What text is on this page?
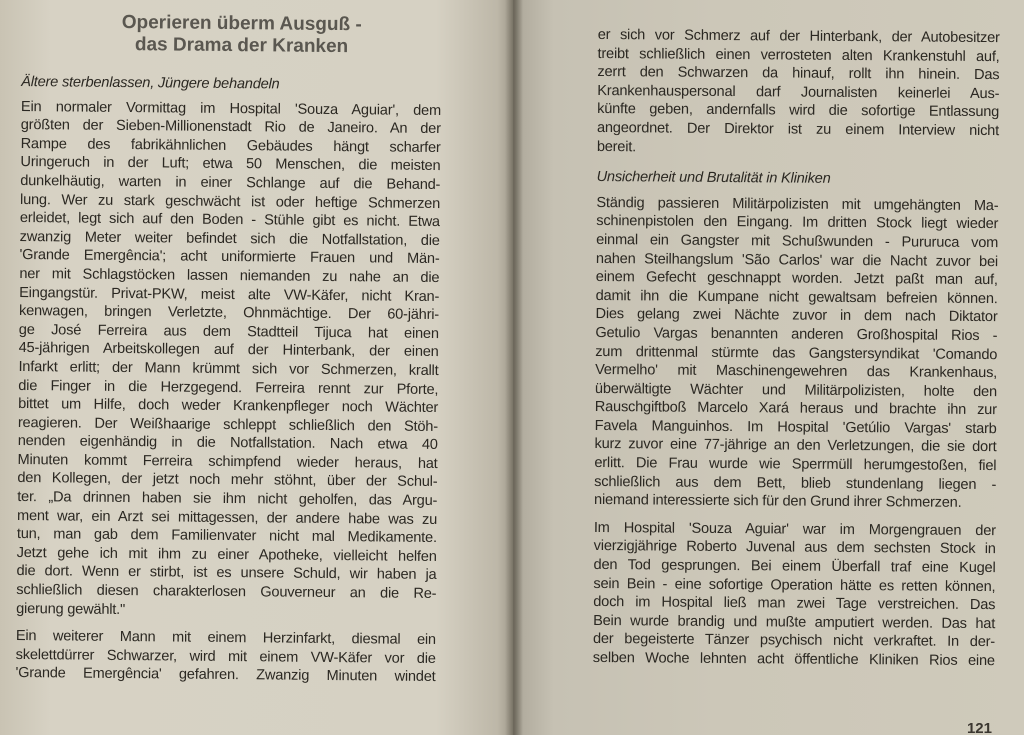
Operieren überm Ausguß -
das Drama der Kranken
Ältere sterbenlassen, Jüngere behandeln
Ein normaler Vormittag im Hospital 'Souza Aguiar', dem
größten der Sieben-Millionenstadt Rio de Janeiro. An der
Rampe des fabrikähnlichen Gebäudes hängt scharfer
Uringeruch in der Luft; etwa 50 Menschen, die meisten
dunkelhäutig, warten in einer Schlange auf die Behand-
lung. Wer zu stark geschwächt ist oder heftige Schmerzen
erleidet, legt sich auf den Boden - Stühle gibt es nicht. Etwa
zwanzig Meter weiter befindet sich die Notfallstation, die
'Grande Emergência'; acht uniformierte Frauen und Män-
ner mit Schlagstöcken lassen niemanden zu nahe an die
Eingangstür. Privat-PKW, meist alte VW-Käfer, nicht Kran-
kenwagen, bringen Verletzte, Ohnmächtige. Der 60-jähri-
ge José Ferreira aus dem Stadtteil Tijuca hat einen
45-jährigen Arbeitskollegen auf der Hinterbank, der einen
Infarkt erlitt; der Mann krümmt sich vor Schmerzen, krallt
die Finger in die Herzgegend. Ferreira rennt zur Pforte,
bittet um Hilfe, doch weder Krankenpfleger noch Wächter
reagieren. Der Weißhaarige schleppt schließlich den Stöh-
nenden eigenhändig in die Notfallstation. Nach etwa 40
Minuten kommt Ferreira schimpfend wieder heraus, hat
den Kollegen, der jetzt noch mehr stöhnt, über der Schul-
ter. „Da drinnen haben sie ihm nicht geholfen, das Argu-
ment war, ein Arzt sei mittagessen, der andere habe was zu
tun, man gab dem Familienvater nicht mal Medikamente.
Jetzt gehe ich mit ihm zu einer Apotheke, vielleicht helfen
die dort. Wenn er stirbt, ist es unsere Schuld, wir haben ja
schließlich diesen charakterlosen Gouverneur an die Re-
gierung gewählt."
Ein weiterer Mann mit einem Herzinfarkt, diesmal ein
skelettdürrer Schwarzer, wird mit einem VW-Käfer vor die
'Grande Emergência' gefahren. Zwanzig Minuten windet
er sich vor Schmerz auf der Hinterbank, der Autobesitzer
treibt schließlich einen verrosteten alten Krankenstuhl auf,
zerrt den Schwarzen da hinauf, rollt ihn hinein. Das
Krankenhauspersonal darf Journalisten keinerlei Aus-
künfte geben, andernfalls wird die sofortige Entlassung
angeordnet. Der Direktor ist zu einem Interview nicht
bereit.
Unsicherheit und Brutalität in Kliniken
Ständig passieren Militärpolizisten mit umgehängten Ma-
schinenpistolen den Eingang. Im dritten Stock liegt wieder
einmal ein Gangster mit Schußwunden - Pururuca vom
nahen Steilhangslum 'São Carlos' war die Nacht zuvor bei
einem Gefecht geschnappt worden. Jetzt paßt man auf,
damit ihn die Kumpane nicht gewaltsam befreien können.
Dies gelang zwei Nächte zuvor in dem nach Diktator
Getulio Vargas benannten anderen Großhospital Rios -
zum drittenmal stürmte das Gangstersyndikat 'Comando
Vermelho' mit Maschinengewehren das Krankenhaus,
überwältigte Wächter und Militärpolizisten, holte den
Rauschgiftboß Marcelo Xará heraus und brachte ihn zur
Favela Manguinhos. Im Hospital 'Getúlio Vargas' starb
kurz zuvor eine 77-jährige an den Verletzungen, die sie dort
erlitt. Die Frau wurde wie Sperrmüll herumgestoßen, fiel
schließlich aus dem Bett, blieb stundenlang liegen -
niemand interessierte sich für den Grund ihrer Schmerzen.
Im Hospital 'Souza Aguiar' war im Morgengrauen der
vierzigjährige Roberto Juvenal aus dem sechsten Stock in
den Tod gesprungen. Bei einem Überfall traf eine Kugel
sein Bein - eine sofortige Operation hätte es retten können,
doch im Hospital ließ man zwei Tage verstreichen. Das
Bein wurde brandig und mußte amputiert werden. Das hat
der begeisterte Tänzer psychisch nicht verkraftet. In der-
selben Woche lehnten acht öffentliche Kliniken Rios eine
121
